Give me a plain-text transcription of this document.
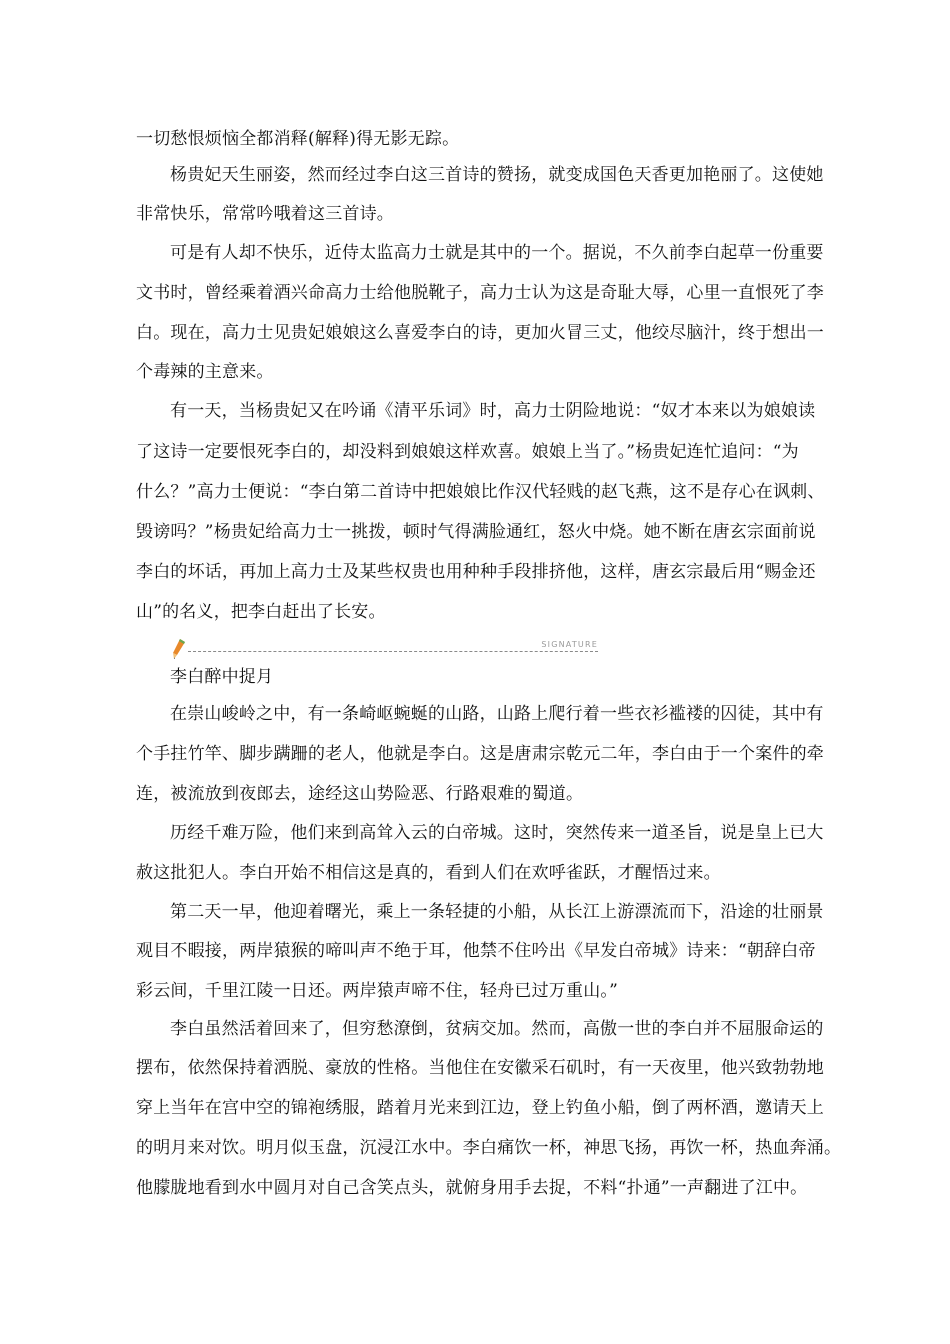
一切愁恨烦恼全都消释(解释)得无影无踪。
杨贵妃天生丽姿，然而经过李白这三首诗的赞扬，就变成国色天香更加艳丽了。这使她
非常快乐，常常吟哦着这三首诗。
可是有人却不快乐，近侍太监高力士就是其中的一个。据说，不久前李白起草一份重要
文书时，曾经乘着酒兴命高力士给他脱靴子，高力士认为这是奇耻大辱，心里一直恨死了李
白。现在，高力士见贵妃娘娘这么喜爱李白的诗，更加火冒三丈，他绞尽脑汁，终于想出一
个毒辣的主意来。
有一天，当杨贵妃又在吟诵《清平乐词》时，高力士阴险地说：“奴才本来以为娘娘读
了这诗一定要恨死李白的，却没料到娘娘这样欢喜。娘娘上当了。”杨贵妃连忙追问：“为
什么？”高力士便说：“李白第二首诗中把娘娘比作汉代轻贱的赵飞燕，这不是存心在讽刺、
毁谤吗？”杨贵妃给高力士一挑拨，顿时气得满脸通红，怒火中烧。她不断在唐玄宗面前说
李白的坏话，再加上高力士及某些权贵也用种种手段排挤他，这样，唐玄宗最后用“赐金还
山”的名义，把李白赶出了长安。
SIGNATURE
李白醉中捉月
在崇山峻岭之中，有一条崎岖蜿蜒的山路，山路上爬行着一些衣衫褴褛的囚徒，其中有
个手拄竹竿、脚步蹒跚的老人，他就是李白。这是唐肃宗乾元二年，李白由于一个案件的牵
连，被流放到夜郎去，途经这山势险恶、行路艰难的蜀道。
历经千难万险，他们来到高耸入云的白帝城。这时，突然传来一道圣旨，说是皇上已大
赦这批犯人。李白开始不相信这是真的，看到人们在欢呼雀跃，才醒悟过来。
第二天一早，他迎着曙光，乘上一条轻捷的小船，从长江上游漂流而下，沿途的壮丽景
观目不暇接，两岸猿猴的啼叫声不绝于耳，他禁不住吟出《早发白帝城》诗来：“朝辞白帝
彩云间，千里江陵一日还。两岸猿声啼不住，轻舟已过万重山。”
李白虽然活着回来了，但穷愁潦倒，贫病交加。然而，高傲一世的李白并不屈服命运的
摆布，依然保持着洒脱、豪放的性格。当他住在安徽采石矶时，有一天夜里，他兴致勃勃地
穿上当年在宫中空的锦袍绣服，踏着月光来到江边，登上钓鱼小船，倒了两杯酒，邀请天上
的明月来对饮。明月似玉盘，沉浸江水中。李白痛饮一杯，神思飞扬，再饮一杯，热血奔涌。
他朦胧地看到水中圆月对自己含笑点头，就俯身用手去捉，不料“扑通”一声翻进了江中。
